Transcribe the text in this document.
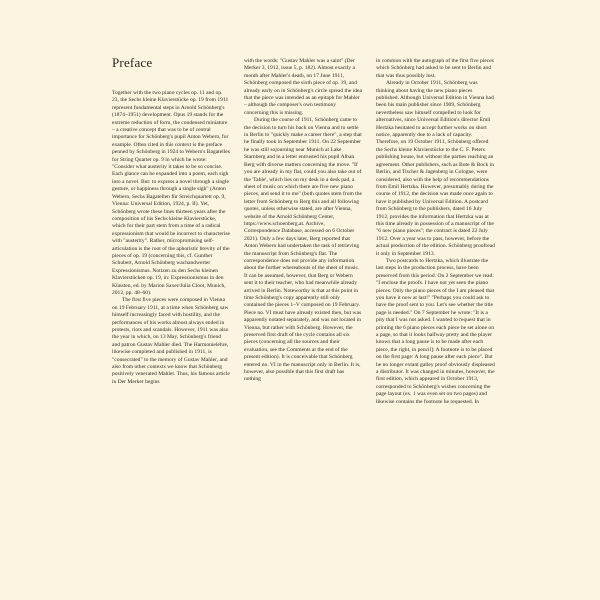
Preface

Together with the two piano cycles op. 11 and op. 23, the Sechs kleine Klavierstücke op. 19 from 1911 represent fundamental steps in Arnold Schönberg's (1874–1951) development. Opus 19 stands for the extreme reduction of form, the condensed miniature – a creative concept that was to be of central importance for Schönberg's pupil Anton Webern, for example. Often cited in this context is the preface penned by Schönberg in 1924 to Webern's Bagatelles for String Quartet op. 9 in which he wrote: "Consider what austerity it takes to be so concise. Each glance can be expanded into a poem, each sigh into a novel. But: to express a novel through a single gesture, or happiness through a single sigh" (Anton Webern, Sechs Bagatellen für Streichquartett op. 9, Vienna: Universal Edition, 1924, p. II). Yet, Schönberg wrote these lines thirteen years after the composition of his Sechs kleine Klavierstücke, which for their part stem from a time of a radical expressionism that would be incorrect to characterise with "austerity". Rather, micropromising self-articulation is the root of the aphoristic brevity of the pieces of op. 19 (concerning this, cf. Gunther Schubert, Arnold Schönberg wachandwerter Expressionismus. Notizen zu den Sechs kleinen Klavierstücken op. 19, in: Expressionismus in den Künsten, ed. by Marion Saxer/Julia Cloot, Munich, 2012, pp. 48–60).

The first five pieces were composed in Vienna on 19 February 1911, at a time when Schönberg saw himself increasingly faced with hostility, and the performances of his works almost always ended in protests, riots and scandals. However, 1911 was also the year in which, on 13 May, Schönberg's friend and patron Gustav Mahler died. The Harmonielehre, likewise completed and published in 1911, is "consecrated" to the memory of Gustav Mahler, and also from other contexts we know that Schönberg positively venerated Mahler. Thus, his famous article in Der Merker begins

with the words: "Gustav Mahler was a saint" (Der Merker 3, 1912, issue 5, p. 182). Almost exactly a month after Mahler's death, on 17 June 1911, Schönberg composed the sixth piece of op. 19, and already early on in Schönberg's circle spread the idea that the piece was intended as an epitaph for Mahler – although the composer's own testimony concerning this is missing.

During the course of 1911, Schönberg came to the decision to turn his back on Vienna and to settle in Berlin to "quickly make a career there", a step that he finally took in September 1911. On 22 September he was still sojourning near Munich at Lake Starnberg and in a letter entrusted his pupil Alban Berg with diverse matters concerning the move. "If you are already in my flat, could you also take out of the 'Table', which lies on my desk in a desk pad, a sheet of music on which there are five new piano pieces, and send it to me" (both quotes stem from the letter from Schönberg to Berg this and all following quotes, unless otherwise stated, are after Vienna, website of the Arnold Schönberg Center, https://www.schoenberg.at. Archive, Correspondence Database, accessed on 6 October 2021). Only a few days later, Berg reported that Anton Webern had undertaken the task of retrieving the manuscript from Schönberg's flat. The correspondence does not provide any information about the further whereabouts of the sheet of music. It can be assumed, however, that Berg or Webern sent it to their teacher, who had meanwhile already arrived in Berlin. Noteworthy is that at this point in time Schönberg's copy apparently still only contained the pieces 1–V composed on 19 February. Piece no. VI must have already existed then, but was apparently notated separately, and was not located in Vienna, but rather with Schönberg. However, the preserved first draft of the cycle contains all six pieces (concerning all the sources and their evaluation, see the Comments at the end of the present edition). It is conceivable that Schönberg entered no. VI in the manuscript only in Berlin. It is, however, also possible that this first draft has nothing

in common with the autograph of the first five pieces which Schönberg had asked to be sent to Berlin and that was thus possibly lost.

Already in October 1911, Schönberg was thinking about having the new piano pieces published. Although Universal Edition in Vienna had been his main publisher since 1909, Schönberg nevertheless saw himself compelled to look for alternatives, since Universal Edition's director Emil Hertzka hesitated to accept further works on short notice, apparently due to a lack of capacity. Therefore, on 19 October 1911, Schönberg offered the Sechs kleine Klavierstücke to the C. F. Peters publishing house, but without the parties reaching an agreement. Other publishers, such as Bote & Bock in Berlin, and Tischer & Jagenberg in Cologne, were considered, also with the help of recommendations from Emil Hertzka. However, presumably during the course of 1912, the decision was made once again to have it published by Universal Edition. A postcard from Schönberg to the publishers, dated 16 July 1912, provides the information that Hertzka was at this time already in possession of a manuscript of the "6 new piano pieces"; the contract is dated 22 July 1912. Over a year was to pass, however, before the actual production of the edition. Schönberg proofread it only in September 1913.

Two postcards to Hertzka, which illustrate the last steps in the production process, have been preserved from this period. On 2 September we read: "I enclose the proofs. I have not yet seen the piano pieces. Only the piano pieces of the I am pleased that you have it now at last!" "Perhaps you could ask to have the proof sent to you. Let's see whether the title page is needed." On 7 September he wrote: "It is a pity that I was not asked. I wanted to request that in printing the 6 piano pieces each piece be set alone on a page, so that it looks halfway pretty and the player knows that a long pause is to be made after each piece, the right, in pencil]: A footnote is to be placed on the first page: A long pause after each piece". But he no longer extant galley proof obviously displeased a distributor. It was changed in minutes, however, the first edition, which appeared in October 1913, corresponded to Schönberg's wishes concerning the page layout (ex. 1 was even set on two pages) and likewise contains the footnote he requested. In
